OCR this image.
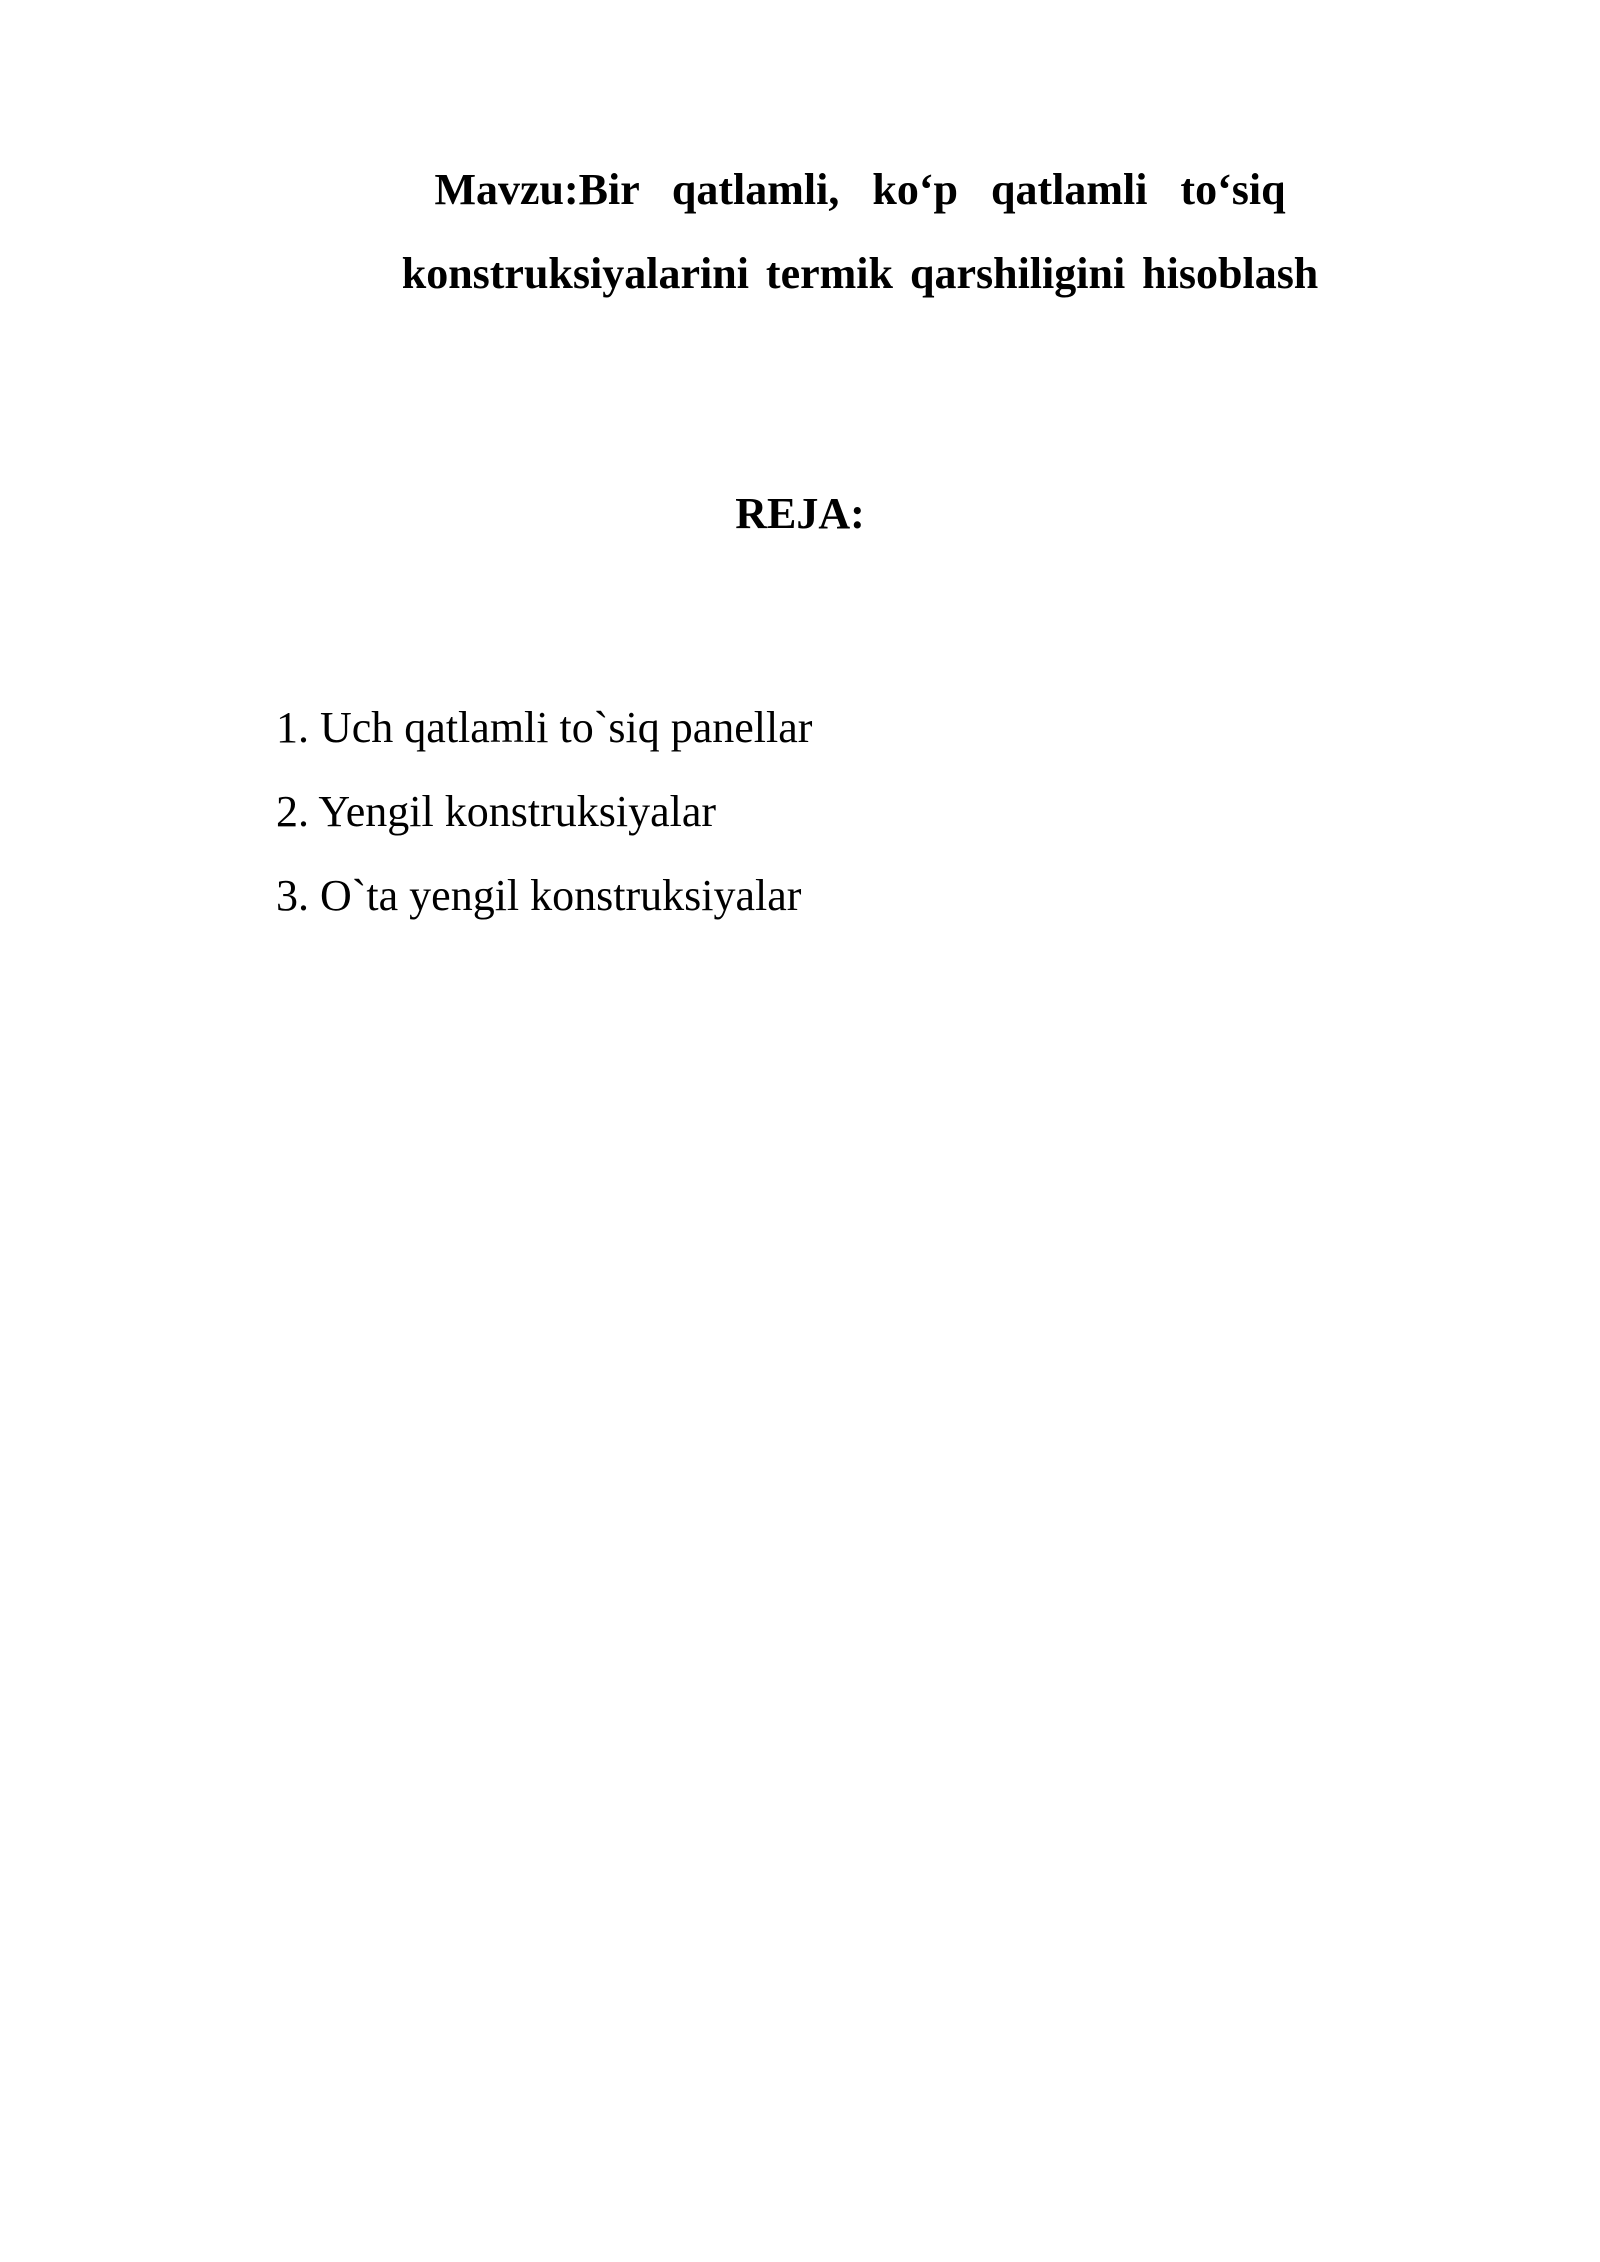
Mavzu:Bir qatlamli, ko‘p qatlamli to‘siq
konstruksiyalarini termik qarshiligini hisoblash
REJA:
1. Uch qatlamli to`siq panellar
2. Yengil konstruksiyalar
3. O`ta yengil konstruksiyalar
